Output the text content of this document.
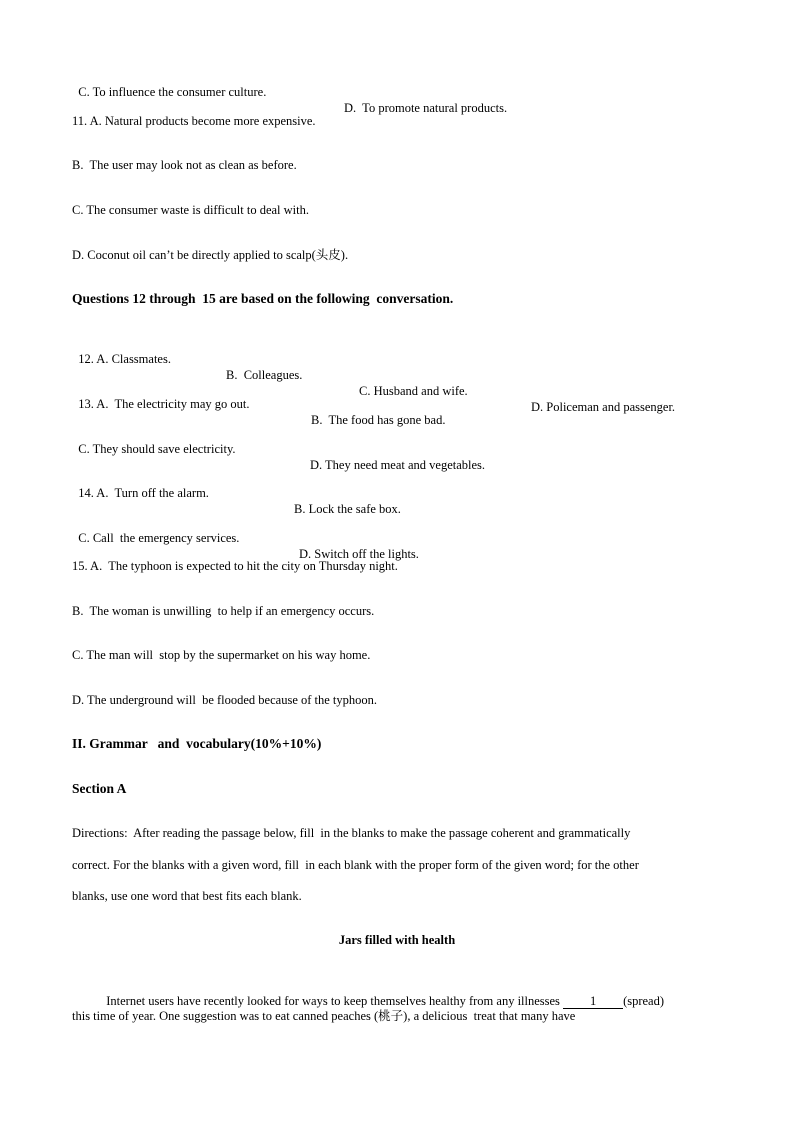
C. To influence the consumer culture.

D.  To promote natural products.

11. A. Natural products become more expensive.
B.  The user may look not as clean as before.
C. The consumer waste is difficult to deal with.
D. Coconut oil can’t be directly applied to scalp(头皮).
Questions 12 through  15 are based on the following  conversation.

12. A. Classmates.

B.  Colleagues.

C. Husband and wife.

D. Policeman and passenger.

13. A.  The electricity may go out.

B.  The food has gone bad.

C. They should save electricity.

D. They need meat and vegetables.

14. A.  Turn off the alarm.

B. Lock the safe box.

C. Call  the emergency services.

D. Switch off the lights.

15. A.  The typhoon is expected to hit the city on Thursday night.
B.  The woman is unwilling  to help if an emergency occurs.
C. The man will  stop by the supermarket on his way home.
D. The underground will  be flooded because of the typhoon.
II. Grammar   and  vocabulary(10%+10%)
Section A
Directions:  After reading the passage below, fill  in the blanks to make the passage coherent and grammatically
correct. For the blanks with a given word, fill  in each blank with the proper form of the given word; for the other
blanks, use one word that best fits each blank.
Jars filled with health

Internet users have recently looked for ways to keep themselves healthy from any illnesses 1 (spread)

this time of year. One suggestion was to eat canned peaches (桃子), a delicious  treat that many have
